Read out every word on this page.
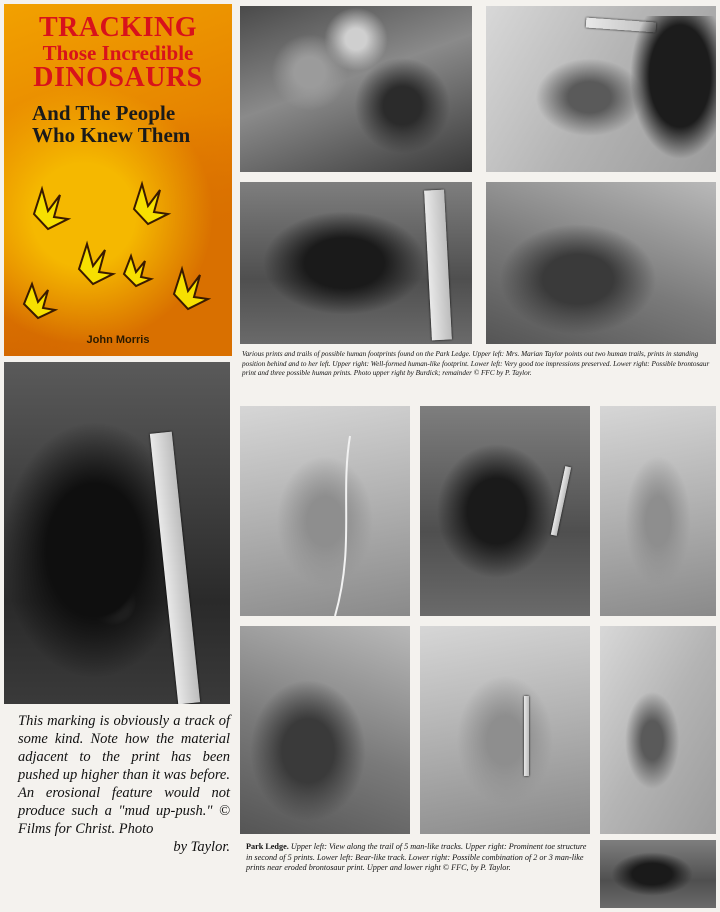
TRACKING
Those Incredible
DINOSAURS
And The People Who Knew Them
John Morris
Various prints and trails of possible human footprints found on the Park Ledge. Upper left: Mrs. Marian Taylor points out two human trails, prints in standing position behind and to her left. Upper right: Well-formed human-like footprint. Lower left: Very good toe impressions preserved. Lower right: Possible brontosaur print and three possible human prints. Photo upper right by Burdick; remainder © FFC by P. Taylor.
This marking is obviously a track of some kind. Note how the material adjacent to the print has been pushed up higher than it was before. An erosional feature would not produce such a "mud up-push." © Films for Christ. Photo
by Taylor. Park Ledge. Upper left: View along the trail of 5 man-like tracks. Upper right: Prominent toe structure in second of 5 prints. Lower left: Bear-like track. Lower right: Possible combination of 2 or 3 man-like prints near eroded brontosaur print. Upper and lower right © FFC, by P. Taylor.
